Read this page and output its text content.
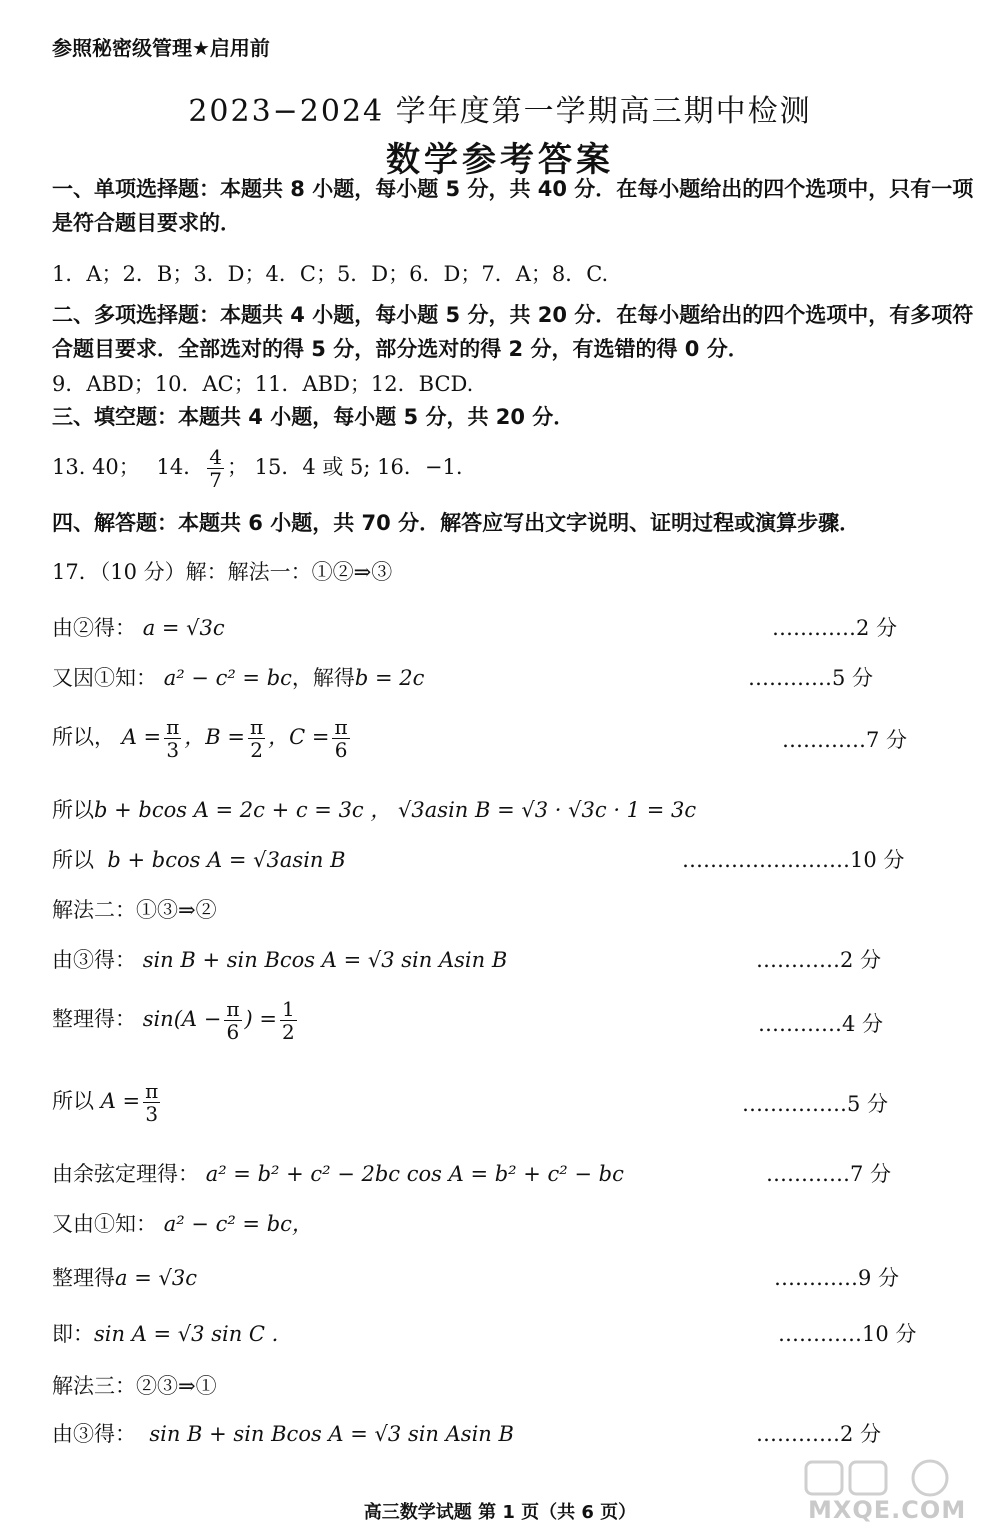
参照秘密级管理★启用前
2023−2024 学年度第一学期高三期中检测
数学参考答案
一、单项选择题：本题共 8 小题，每小题 5 分，共 40 分．在每小题给出的四个选项中，只有一项是符合题目要求的．
1．A；2．B；3．D；4．C；5．D；6．D；7．A；8．C.
二、多项选择题：本题共 4 小题，每小题 5 分，共 20 分．在每小题给出的四个选项中，有多项符合题目要求．全部选对的得 5 分，部分选对的得 2 分，有选错的得 0 分．
9．ABD；10．AC；11．ABD；12．BCD.
三、填空题：本题共 4 小题，每小题 5 分，共 20 分．
13. 40； 14． $\frac{4}{7}$ ； 15．4 或 5; 16．−1.
四、解答题：本题共 6 小题，共 70 分．解答应写出文字说明、证明过程或演算步骤．
17．（10 分）解：解法一：①②⇒③
由②得： a = √3c	…………2 分
又因①知： a² − c² = bc，解得b = 2c	…………5 分
所以， $A = \frac{\pi}{3}$ ，$B = \frac{\pi}{2}$ ，$C = \frac{\pi}{6}$	…………7 分
所以b + bcos A = 2c + c = 3c ， √3asin B = √3 · √3c · 1 = 3c
所以 b + bcos A = √3asin B	……………………10 分
解法二：①③⇒②
由③得： sin B + sin Bcos A = √3 sin Asin B	…………2 分
整理得： $\sin(A - \frac{\pi}{6}$ ) = $\frac{1}{2}$	…………4 分
所以 $A = \frac{\pi}{3}$	……………5 分
由余弦定理得： a² = b² + c² − 2bc cos A = b² + c² − bc	…………7 分
又由①知： a² − c² = bc，
整理得a = √3c	…………9 分
即：sin A = √3 sin C .	…………10 分
解法三：②③⇒①
由③得： sin B + sin Bcos A = √3 sin Asin B	…………2 分
高三数学试题 第 1 页（共 6 页）	MXQE.COM
